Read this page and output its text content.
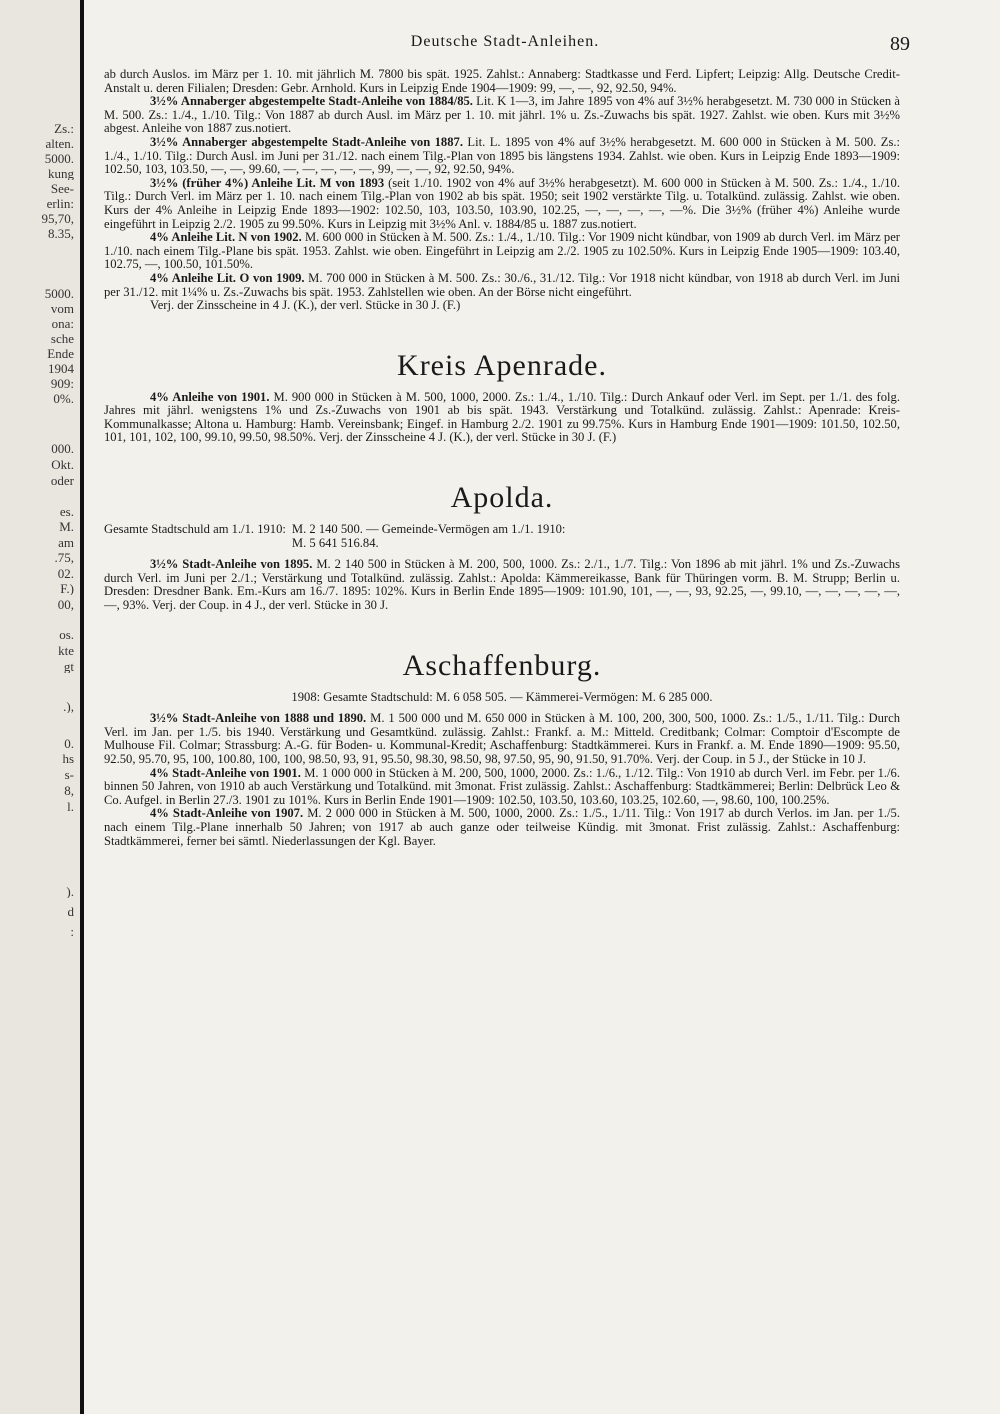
Zs.:
alten.
5000.
kung
See-
erlin:
95,70,
8.35,
5000.
vom
ona:
sche
Ende
1904
909:
0%.
000.
Okt.
oder
es.
M.
am
.75,
02.
F.)
00,
os.
kte
gt
.),
0.
hs
s-
8,
l.
).
d
:
Deutsche Stadt-Anleihen.	89

ab durch Auslos. im März per 1. 10. mit jährlich M. 7800 bis spät. 1925. Zahlst.: Annaberg: Stadtkasse und Ferd. Lipfert; Leipzig: Allg. Deutsche Credit-Anstalt u. deren Filialen; Dresden: Gebr. Arnhold. Kurs in Leipzig Ende 1904—1909: 99, —, —, 92, 92.50, 94%.

3½% Annaberger abgestempelte Stadt-Anleihe von 1884/85. Lit. K 1—3, im Jahre 1895 von 4% auf 3½% herabgesetzt. M. 730 000 in Stücken à M. 500. Zs.: 1./4., 1./10. Tilg.: Von 1887 ab durch Ausl. im März per 1. 10. mit jährl. 1% u. Zs.-Zuwachs bis spät. 1927. Zahlst. wie oben. Kurs mit 3½% abgest. Anleihe von 1887 zus.notiert.

3½% Annaberger abgestempelte Stadt-Anleihe von 1887. Lit. L. 1895 von 4% auf 3½% herabgesetzt. M. 600 000 in Stücken à M. 500. Zs.: 1./4., 1./10. Tilg.: Durch Ausl. im Juni per 31./12. nach einem Tilg.-Plan von 1895 bis längstens 1934. Zahlst. wie oben. Kurs in Leipzig Ende 1893—1909: 102.50, 103, 103.50, —, —, 99.60, —, —, —, —, —, 99, —, —, 92, 92.50, 94%.

3½% (früher 4%) Anleihe Lit. M von 1893 (seit 1./10. 1902 von 4% auf 3½% herabgesetzt). M. 600 000 in Stücken à M. 500. Zs.: 1./4., 1./10. Tilg.: Durch Verl. im März per 1. 10. nach einem Tilg.-Plan von 1902 ab bis spät. 1950; seit 1902 verstärkte Tilg. u. Totalkünd. zulässig. Zahlst. wie oben. Kurs der 4% Anleihe in Leipzig Ende 1893—1902: 102.50, 103, 103.50, 103.90, 102.25, —, —, —, —, —%. Die 3½% (früher 4%) Anleihe wurde eingeführt in Leipzig 2./2. 1905 zu 99.50%. Kurs in Leipzig mit 3½% Anl. v. 1884/85 u. 1887 zus.notiert.

4% Anleihe Lit. N von 1902. M. 600 000 in Stücken à M. 500. Zs.: 1./4., 1./10. Tilg.: Vor 1909 nicht kündbar, von 1909 ab durch Verl. im März per 1./10. nach einem Tilg.-Plane bis spät. 1953. Zahlst. wie oben. Eingeführt in Leipzig am 2./2. 1905 zu 102.50%. Kurs in Leipzig Ende 1905—1909: 103.40, 102.75, —, 100.50, 101.50%.

4% Anleihe Lit. O von 1909. M. 700 000 in Stücken à M. 500. Zs.: 30./6., 31./12. Tilg.: Vor 1918 nicht kündbar, von 1918 ab durch Verl. im Juni per 31./12. mit 1¼% u. Zs.-Zuwachs bis spät. 1953. Zahlstellen wie oben. An der Börse nicht eingeführt.

Verj. der Zinsscheine in 4 J. (K.), der verl. Stücke in 30 J. (F.)

Kreis Apenrade.

4% Anleihe von 1901. M. 900 000 in Stücken à M. 500, 1000, 2000. Zs.: 1./4., 1./10. Tilg.: Durch Ankauf oder Verl. im Sept. per 1./1. des folg. Jahres mit jährl. wenigstens 1% und Zs.-Zuwachs von 1901 ab bis spät. 1943. Verstärkung und Totalkünd. zulässig. Zahlst.: Apenrade: Kreis-Kommunalkasse; Altona u. Hamburg: Hamb. Vereinsbank; Eingef. in Hamburg 2./2. 1901 zu 99.75%. Kurs in Hamburg Ende 1901—1909: 101.50, 102.50, 101, 101, 102, 100, 99.10, 99.50, 98.50%. Verj. der Zinsscheine 4 J. (K.), der verl. Stücke in 30 J. (F.)

Apolda.
Gesamte Stadtschuld am 1./1. 1910: M. 2 140 500. — Gemeinde-Vermögen am 1./1. 1910:
M. 5 641 516.84.

3½% Stadt-Anleihe von 1895. M. 2 140 500 in Stücken à M. 200, 500, 1000. Zs.: 2./1., 1./7. Tilg.: Von 1896 ab mit jährl. 1% und Zs.-Zuwachs durch Verl. im Juni per 2./1.; Verstärkung und Totalkünd. zulässig. Zahlst.: Apolda: Kämmereikasse, Bank für Thüringen vorm. B. M. Strupp; Berlin u. Dresden: Dresdner Bank. Em.-Kurs am 16./7. 1895: 102%. Kurs in Berlin Ende 1895—1909: 101.90, 101, —, —, 93, 92.25, —, 99.10, —, —, —, —, —, —, 93%. Verj. der Coup. in 4 J., der verl. Stücke in 30 J.

Aschaffenburg.

1908: Gesamte Stadtschuld: M. 6 058 505. — Kämmerei-Vermögen: M. 6 285 000.

3½% Stadt-Anleihe von 1888 und 1890. M. 1 500 000 und M. 650 000 in Stücken à M. 100, 200, 300, 500, 1000. Zs.: 1./5., 1./11. Tilg.: Durch Verl. im Jan. per 1./5. bis 1940. Verstärkung und Gesamtkünd. zulässig. Zahlst.: Frankf. a. M.: Mitteld. Creditbank; Colmar: Comptoir d'Escompte de Mulhouse Fil. Colmar; Strassburg: A.-G. für Boden- u. Kommunal-Kredit; Aschaffenburg: Stadtkämmerei. Kurs in Frankf. a. M. Ende 1890—1909: 95.50, 92.50, 95.70, 95, 100, 100.80, 100, 100, 98.50, 93, 91, 95.50, 98.30, 98.50, 98, 97.50, 95, 90, 91.50, 91.70%. Verj. der Coup. in 5 J., der Stücke in 10 J.

4% Stadt-Anleihe von 1901. M. 1 000 000 in Stücken à M. 200, 500, 1000, 2000. Zs.: 1./6., 1./12. Tilg.: Von 1910 ab durch Verl. im Febr. per 1./6. binnen 50 Jahren, von 1910 ab auch Verstärkung und Totalkünd. mit 3monat. Frist zulässig. Zahlst.: Aschaffenburg: Stadtkämmerei; Berlin: Delbrück Leo & Co. Aufgel. in Berlin 27./3. 1901 zu 101%. Kurs in Berlin Ende 1901—1909: 102.50, 103.50, 103.60, 103.25, 102.60, —, 98.60, 100, 100.25%.

4% Stadt-Anleihe von 1907. M. 2 000 000 in Stücken à M. 500, 1000, 2000. Zs.: 1./5., 1./11. Tilg.: Von 1917 ab durch Verlos. im Jan. per 1./5. nach einem Tilg.-Plane innerhalb 50 Jahren; von 1917 ab auch ganze oder teilweise Kündig. mit 3monat. Frist zulässig. Zahlst.: Aschaffenburg: Stadtkämmerei, ferner bei sämtl. Niederlassungen der Kgl. Bayer.
